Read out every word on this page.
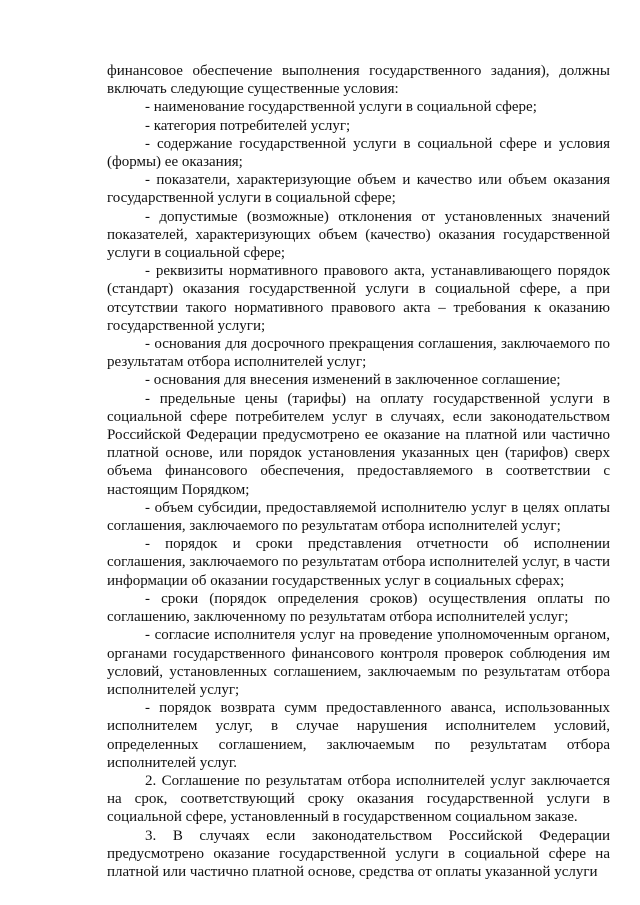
финансовое обеспечение выполнения государственного задания), должны включать следующие существенные условия:

- наименование государственной услуги в социальной сфере;

- категория потребителей услуг;

- содержание государственной услуги в социальной сфере и условия (формы) ее оказания;

- показатели, характеризующие объем и качество или объем оказания государственной услуги в социальной сфере;

- допустимые (возможные) отклонения от установленных значений показателей, характеризующих объем (качество) оказания государственной услуги в социальной сфере;

- реквизиты нормативного правового акта, устанавливающего порядок (стандарт) оказания государственной услуги в социальной сфере, а при отсутствии такого нормативного правового акта – требования к оказанию государственной услуги;

- основания для досрочного прекращения соглашения, заключаемого по результатам отбора исполнителей услуг;

- основания для внесения изменений в заключенное соглашение;

- предельные цены (тарифы) на оплату государственной услуги в социальной сфере потребителем услуг в случаях, если законодательством Российской Федерации предусмотрено ее оказание на платной или частично платной основе, или порядок установления указанных цен (тарифов) сверх объема финансового обеспечения, предоставляемого в соответствии с настоящим Порядком;

- объем субсидии, предоставляемой исполнителю услуг в целях оплаты соглашения, заключаемого по результатам отбора исполнителей услуг;

- порядок и сроки представления отчетности об исполнении соглашения, заключаемого по результатам отбора исполнителей услуг, в части информации об оказании государственных услуг в социальных сферах;

- сроки (порядок определения сроков) осуществления оплаты по соглашению, заключенному по результатам отбора исполнителей услуг;

- согласие исполнителя услуг на проведение уполномоченным органом, органами государственного финансового контроля проверок соблюдения им условий, установленных соглашением, заключаемым по результатам отбора исполнителей услуг;

- порядок возврата сумм предоставленного аванса, использованных исполнителем услуг, в случае нарушения исполнителем условий, определенных соглашением, заключаемым по результатам отбора исполнителей услуг.

2. Соглашение по результатам отбора исполнителей услуг заключается на срок, соответствующий сроку оказания государственной услуги в социальной сфере, установленный в государственном социальном заказе.

3. В случаях если законодательством Российской Федерации предусмотрено оказание государственной услуги в социальной сфере на платной или частично платной основе, средства от оплаты указанной услуги
